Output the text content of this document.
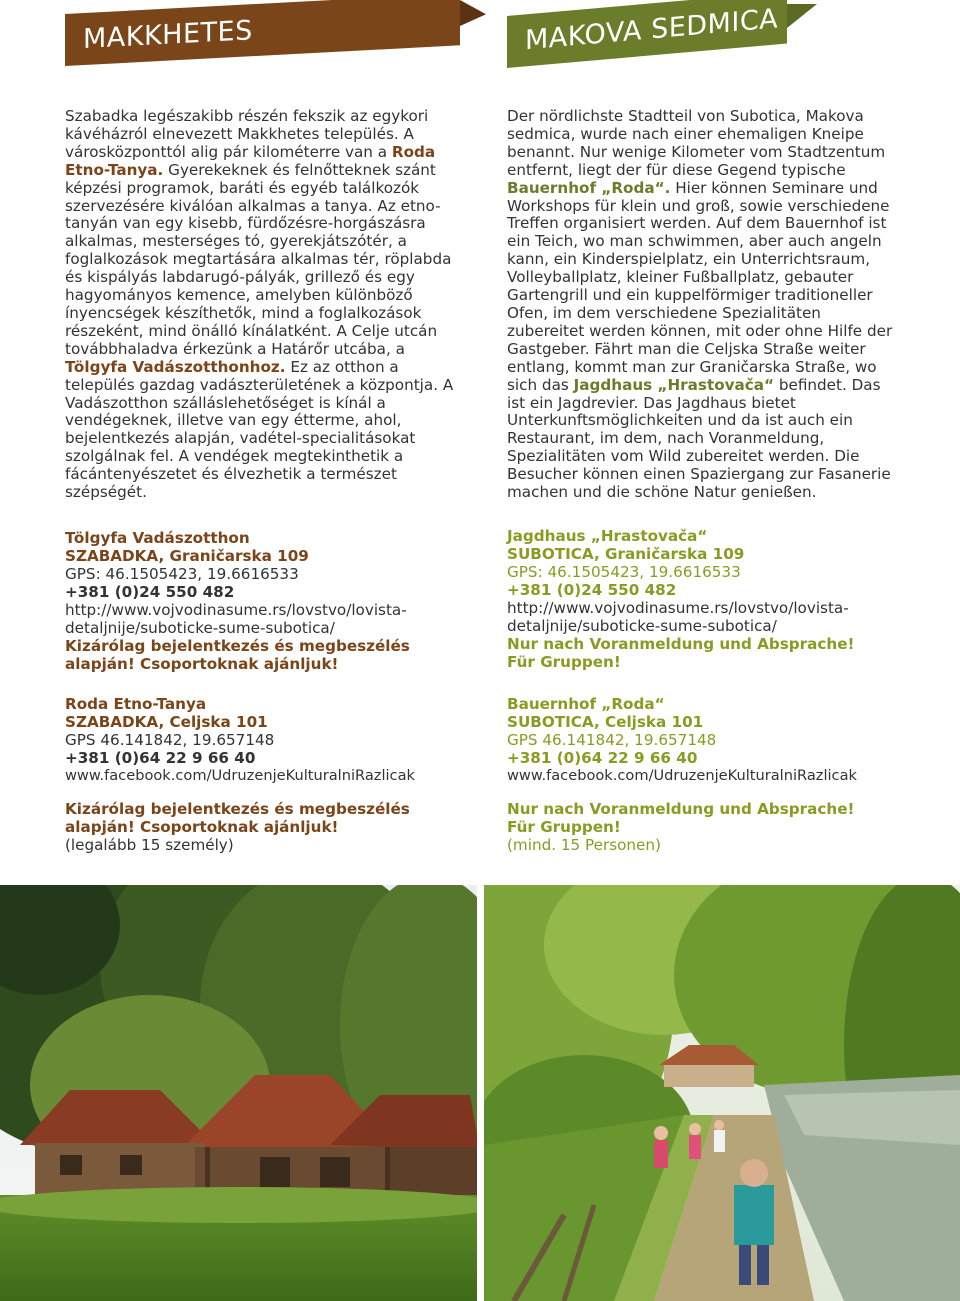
MAKKHETES	MAKOVA SEDMICA

Szabadka legészakibb részén fekszik az egykori kávéházról elnevezett Makkhetes település. A városközponttól alig pár kilométerre van a Roda Etno-Tanya. Gyerekeknek és felnőtteknek szánt képzési programok, baráti és egyéb találkozók szervezésére kiválóan alkalmas a tanya. Az etno-tanyán van egy kisebb, fürdőzésre-horgászásra alkalmas, mesterséges tó, gyerekjátszótér, a foglalkozások megtartására alkalmas tér, röplabda és kispályás labdarugó-pályák, grillező és egy hagyományos kemence, amelyben különböző ínyencségek készíthetők, mind a foglalkozások részeként, mind önálló kínálatként. A Celje utcán továbbhaladva érkezünk a Határőr utcába, a Tölgyfa Vadászotthonhoz. Ez az otthon a település gazdag vadászterületének a központja. A Vadászotthon szálláslehetőséget is kínál a vendégeknek, illetve van egy étterme, ahol, bejelentkezés alapján, vadétel-specialitásokat szolgálnak fel. A vendégek megtekinthetik a fácántenyészetet és élvezhetik a természet szépségét.

Tölgyfa Vadászotthon
SZABADKA, Graničarska 109
GPS: 46.1505423, 19.6616533
+381 (0)24 550 482
http://www.vojvodinasume.rs/lovstvo/lovista-
detaljnije/suboticke-sume-subotica/
Kizárólag bejelentkezés és megbeszélés
alapján! Csoportoknak ajánljuk!
Roda Etno-Tanya
SZABADKA, Celjska 101
GPS 46.141842, 19.657148
+381 (0)64 22 9 66 40
www.facebook.com/UdruzenjeKulturalniRazlicak
Kizárólag bejelentkezés és megbeszélés
alapján! Csoportoknak ajánljuk!
(legalább 15 személy)

Der nördlichste Stadtteil von Subotica, Makova sedmica, wurde nach einer ehemaligen Kneipe benannt. Nur wenige Kilometer vom Stadtzentum entfernt, liegt der für diese Gegend typische Bauernhof „Roda“. Hier können Seminare und Workshops für klein und groß, sowie verschiedene Treffen organisiert werden. Auf dem Bauernhof ist ein Teich, wo man schwimmen, aber auch angeln kann, ein Kinderspielplatz, ein Unterrichtsraum, Volleyballplatz, kleiner Fußballplatz, gebauter Gartengrill und ein kuppelförmiger traditioneller Ofen, im dem verschiedene Spezialitäten zubereitet werden können, mit oder ohne Hilfe der Gastgeber. Fährt man die Celjska Straße weiter entlang, kommt man zur Graničarska Straße, wo sich das Jagdhaus „Hrastovača“ befindet. Das ist ein Jagdrevier. Das Jagdhaus bietet Unterkunftsmöglichkeiten und da ist auch ein Restaurant, im dem, nach Voranmeldung, Spezialitäten vom Wild zubereitet werden. Die Besucher können einen Spaziergang zur Fasanerie machen und die schöne Natur genießen.

Jagdhaus „Hrastovača“
SUBOTICA, Graničarska 109
GPS: 46.1505423, 19.6616533
+381 (0)24 550 482
http://www.vojvodinasume.rs/lovstvo/lovista-
detaljnije/suboticke-sume-subotica/
Nur nach Voranmeldung und Absprache!
Für Gruppen!
Bauernhof „Roda“
SUBOTICA, Celjska 101
GPS 46.141842, 19.657148
+381 (0)64 22 9 66 40
www.facebook.com/UdruzenjeKulturalniRazlicak
Nur nach Voranmeldung und Absprache!
Für Gruppen!
(mind. 15 Personen)
